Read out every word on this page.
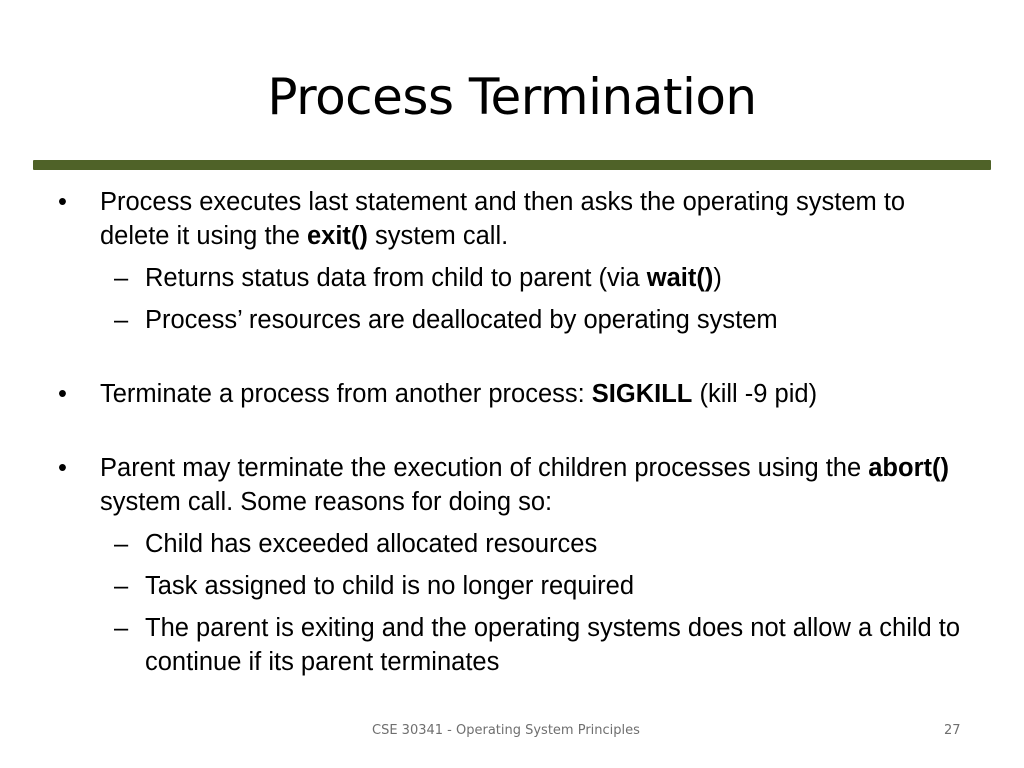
Process Termination
•	Process executes last statement and then asks the operating system to delete it using the exit() system call.
– Returns status data from child to parent (via wait())
– Process’ resources are deallocated by operating system
•	Terminate a process from another process: SIGKILL (kill -9 pid)
•	Parent may terminate the execution of children processes using the abort() system call. Some reasons for doing so:
– Child has exceeded allocated resources
– Task assigned to child is no longer required
– The parent is exiting and the operating systems does not allow a child to continue if its parent terminates
CSE 30341 - Operating System Principles	27
